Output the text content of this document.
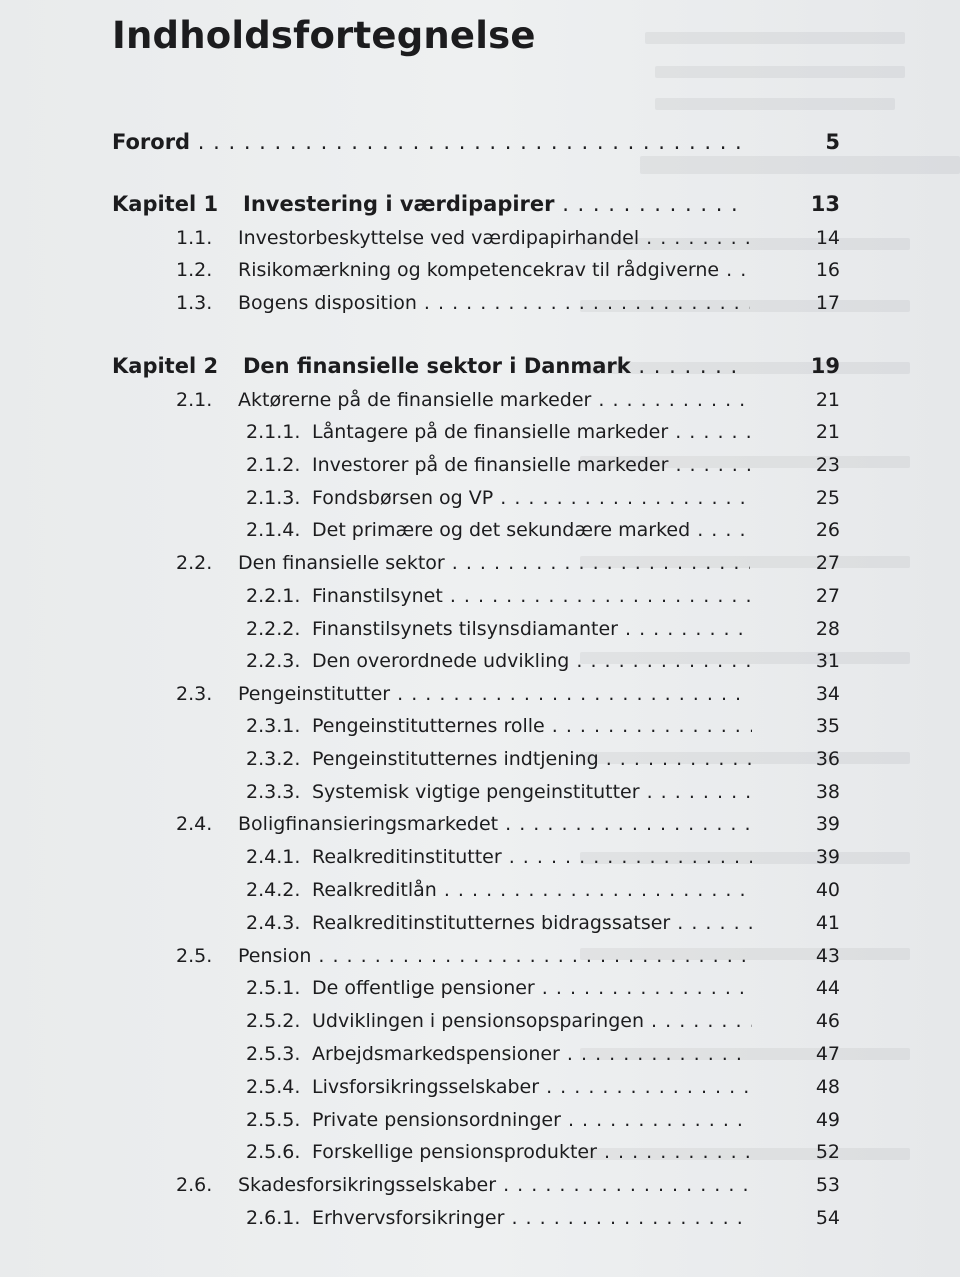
Indholdsfortegnelse
Forord . . .	5
Kapitel 1 Investering i værdipapirer . . .	13
1.1. Investorbeskyttelse ved værdipapirhandel . . .	14
1.2. Risikomærkning og kompetencekrav til rådgiverne . . .	16
1.3. Bogens disposition . . .	17
Kapitel 2 Den finansielle sektor i Danmark . . .	19
2.1. Aktørerne på de finansielle markeder . . .	21
2.1.1. Låntagere på de finansielle markeder . . .	21
2.1.2. Investorer på de finansielle markeder . . .	23
2.1.3. Fondsbørsen og VP . . .	25
2.1.4. Det primære og det sekundære marked . . .	26
2.2. Den finansielle sektor . . .	27
2.2.1. Finanstilsynet . . .	27
2.2.2. Finanstilsynets tilsynsdiamanter . . .	28
2.2.3. Den overordnede udvikling . . .	31
2.3. Pengeinstitutter . . .	34
2.3.1. Pengeinstitutternes rolle . . .	35
2.3.2. Pengeinstitutternes indtjening . . .	36
2.3.3. Systemisk vigtige pengeinstitutter . . .	38
2.4. Boligfinansieringsmarkedet . . .	39
2.4.1. Realkreditinstitutter . . .	39
2.4.2. Realkreditlån . . .	40
2.4.3. Realkreditinstitutternes bidragssatser . . .	41
2.5. Pension . . .	43
2.5.1. De offentlige pensioner . . .	44
2.5.2. Udviklingen i pensionsopsparingen . . .	46
2.5.3. Arbejdsmarkedspensioner . . .	47
2.5.4. Livsforsikringsselskaber . . .	48
2.5.5. Private pensionsordninger . . .	49
2.5.6. Forskellige pensionsprodukter . . .	52
2.6. Skadesforsikringsselskaber . . .	53
2.6.1. Erhvervsforsikringer . . .	54
